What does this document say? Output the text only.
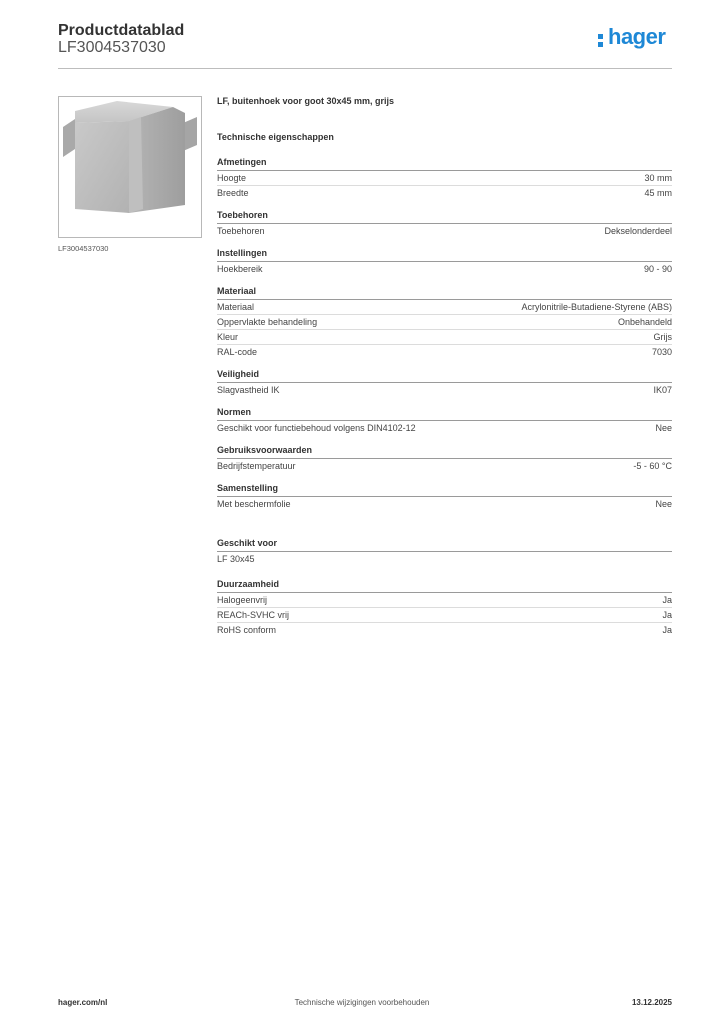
Productdatablad
LF3004537030	hager
LF3004537030
LF, buitenhoek voor goot 30x45 mm, grijs
Technische eigenschappen
Afmetingen
Hoogte	30 mm
Breedte	45 mm
Toebehoren
Toebehoren	Dekselonderdeel
Instellingen
Hoekbereik	90 - 90
Materiaal
Materiaal	Acrylonitrile-Butadiene-Styrene (ABS)
Oppervlakte behandeling	Onbehandeld
Kleur	Grijs
RAL-code	7030
Veiligheid
Slagvastheid IK	IK07
Normen
Geschikt voor functiebehoud volgens DIN4102-12	Nee
Gebruiksvoorwaarden
Bedrijfstemperatuur	-5 - 60 °C
Samenstelling
Met beschermfolie	Nee
Geschikt voor
LF 30x45
Duurzaamheid
Halogeenvrij	Ja
REACh-SVHC vrij	Ja
RoHS conform	Ja
hager.com/nl	Technische wijzigingen voorbehouden	13.12.2025
